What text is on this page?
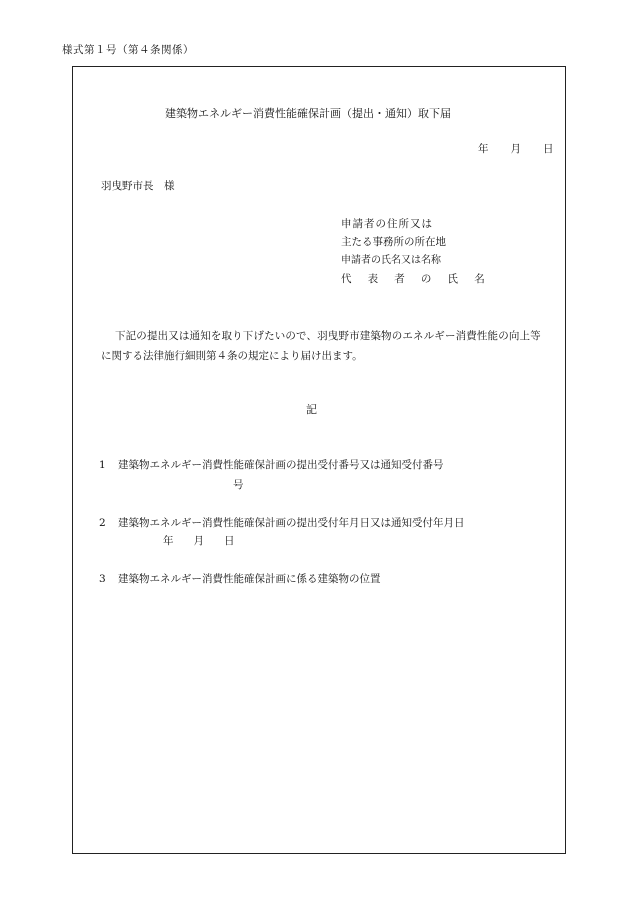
様式第１号（第４条関係）
建築物エネルギー消費性能確保計画（提出・通知）取下届
年 月 日
羽曳野市長　様
申請者の住所又は
主たる事務所の所在地
申請者の氏名又は名称
代 表 者 の 氏 名
下記の提出又は通知を取り下げたいので、羽曳野市建築物のエネルギー消費性能の向上等
に関する法律施行細則第４条の規定により届け出ます。
記
1 建築物エネルギー消費性能確保計画の提出受付番号又は通知受付番号
号
2 建築物エネルギー消費性能確保計画の提出受付年月日又は通知受付年月日
年 月 日
3 建築物エネルギー消費性能確保計画に係る建築物の位置
